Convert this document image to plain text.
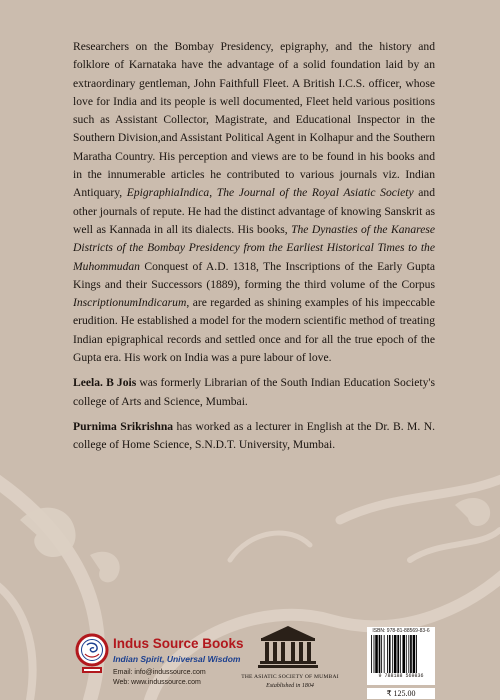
Researchers on the Bombay Presidency, epigraphy, and the history and folklore of Karnataka have the advantage of a solid foundation laid by an extraordinary gentleman, John Faithfull Fleet. A British I.C.S. officer, whose love for India and its people is well documented, Fleet held various positions such as Assistant Collector, Magistrate, and Educational Inspector in the Southern Division,and Assistant Political Agent in Kolhapur and the Southern Maratha Country. His perception and views are to be found in his books and in the innumerable articles he contributed to various journals viz. Indian Antiquary, EpigraphiaIndica, The Journal of the Royal Asiatic Society and other journals of repute. He had the distinct advantage of knowing Sanskrit as well as Kannada in all its dialects. His books, The Dynasties of the Kanarese Districts of the Bombay Presidency from the Earliest Historical Times to the Muhommudan Conquest of A.D. 1318, The Inscriptions of the Early Gupta Kings and their Successors (1889), forming the third volume of the Corpus InscriptionumIndicarum, are regarded as shining examples of his impeccable erudition. He established a model for the modern scientific method of treating Indian epigraphical records and settled once and for all the true epoch of the Gupta era. His work on India was a pure labour of love.

Leela. B Jois was formerly Librarian of the South Indian Education Society's college of Arts and Science, Mumbai.

Purnima Srikrishna has worked as a lecturer in English at the Dr. B. M. N. college of Home Science, S.N.D.T. University, Mumbai.

Indus Source Books
Indian Spirit, Universal Wisdom
Email: info@indussource.com
Web: www.indussource.com
THE ASIATIC SOCIETY OF MUMBAI
Established in 1804
ISBN: 978-81-88569-83-6
9 788188 569836
₹ 125.00
